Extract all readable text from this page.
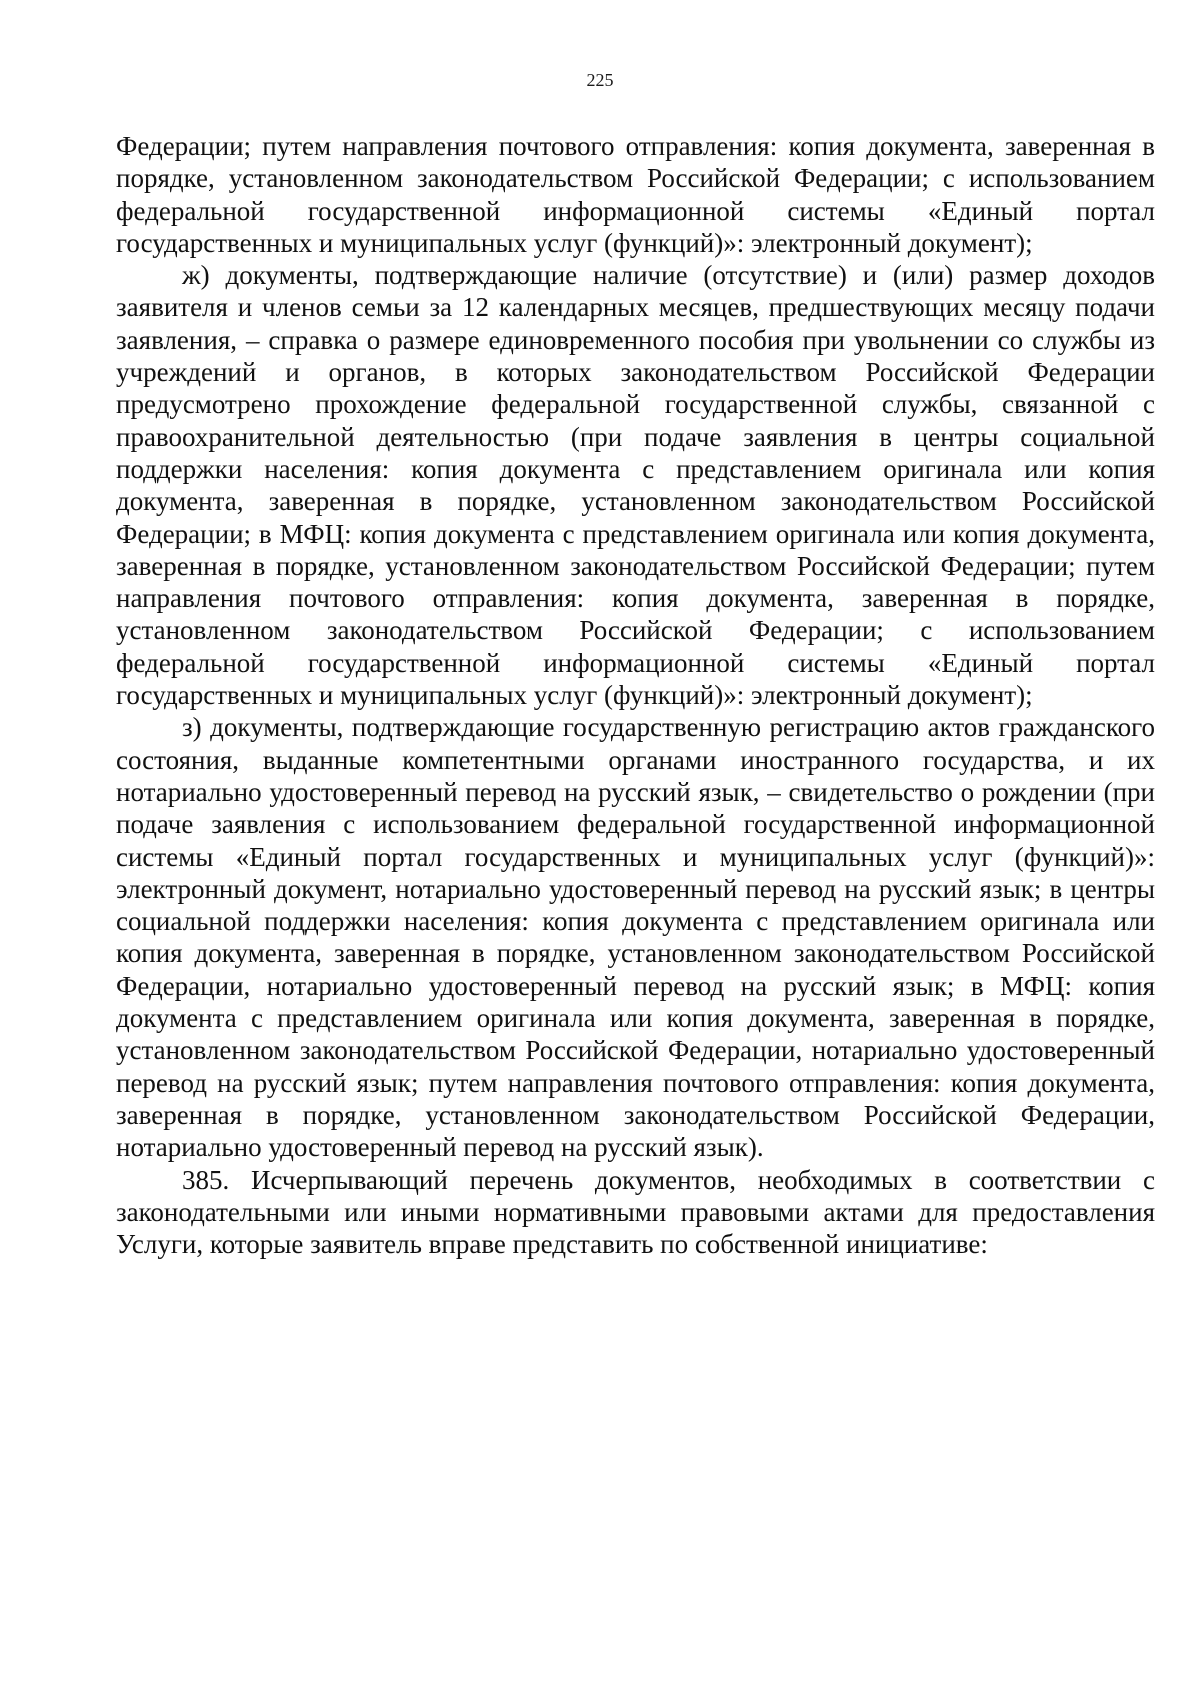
225

Федерации; путем направления почтового отправления: копия документа, заверенная в порядке, установленном законодательством Российской Федерации; с использованием федеральной государственной информационной системы «Единый портал государственных и муниципальных услуг (функций)»: электронный документ);

ж) документы, подтверждающие наличие (отсутствие) и (или) размер доходов заявителя и членов семьи за 12 календарных месяцев, предшествующих месяцу подачи заявления, – справка о размере единовременного пособия при увольнении со службы из учреждений и органов, в которых законодательством Российской Федерации предусмотрено прохождение федеральной государственной службы, связанной с правоохранительной деятельностью (при подаче заявления в центры социальной поддержки населения: копия документа с представлением оригинала или копия документа, заверенная в порядке, установленном законодательством Российской Федерации; в МФЦ: копия документа с представлением оригинала или копия документа, заверенная в порядке, установленном законодательством Российской Федерации; путем направления почтового отправления: копия документа, заверенная в порядке, установленном законодательством Российской Федерации; с использованием федеральной государственной информационной системы «Единый портал государственных и муниципальных услуг (функций)»: электронный документ);

з) документы, подтверждающие государственную регистрацию актов гражданского состояния, выданные компетентными органами иностранного государства, и их нотариально удостоверенный перевод на русский язык, – свидетельство о рождении (при подаче заявления с использованием федеральной государственной информационной системы «Единый портал государственных и муниципальных услуг (функций)»: электронный документ, нотариально удостоверенный перевод на русский язык; в центры социальной поддержки населения: копия документа с представлением оригинала или копия документа, заверенная в порядке, установленном законодательством Российской Федерации, нотариально удостоверенный перевод на русский язык; в МФЦ: копия документа с представлением оригинала или копия документа, заверенная в порядке, установленном законодательством Российской Федерации, нотариально удостоверенный перевод на русский язык; путем направления почтового отправления: копия документа, заверенная в порядке, установленном законодательством Российской Федерации, нотариально удостоверенный перевод на русский язык).

385. Исчерпывающий перечень документов, необходимых в соответствии с законодательными или иными нормативными правовыми актами для предоставления Услуги, которые заявитель вправе представить по собственной инициативе:
